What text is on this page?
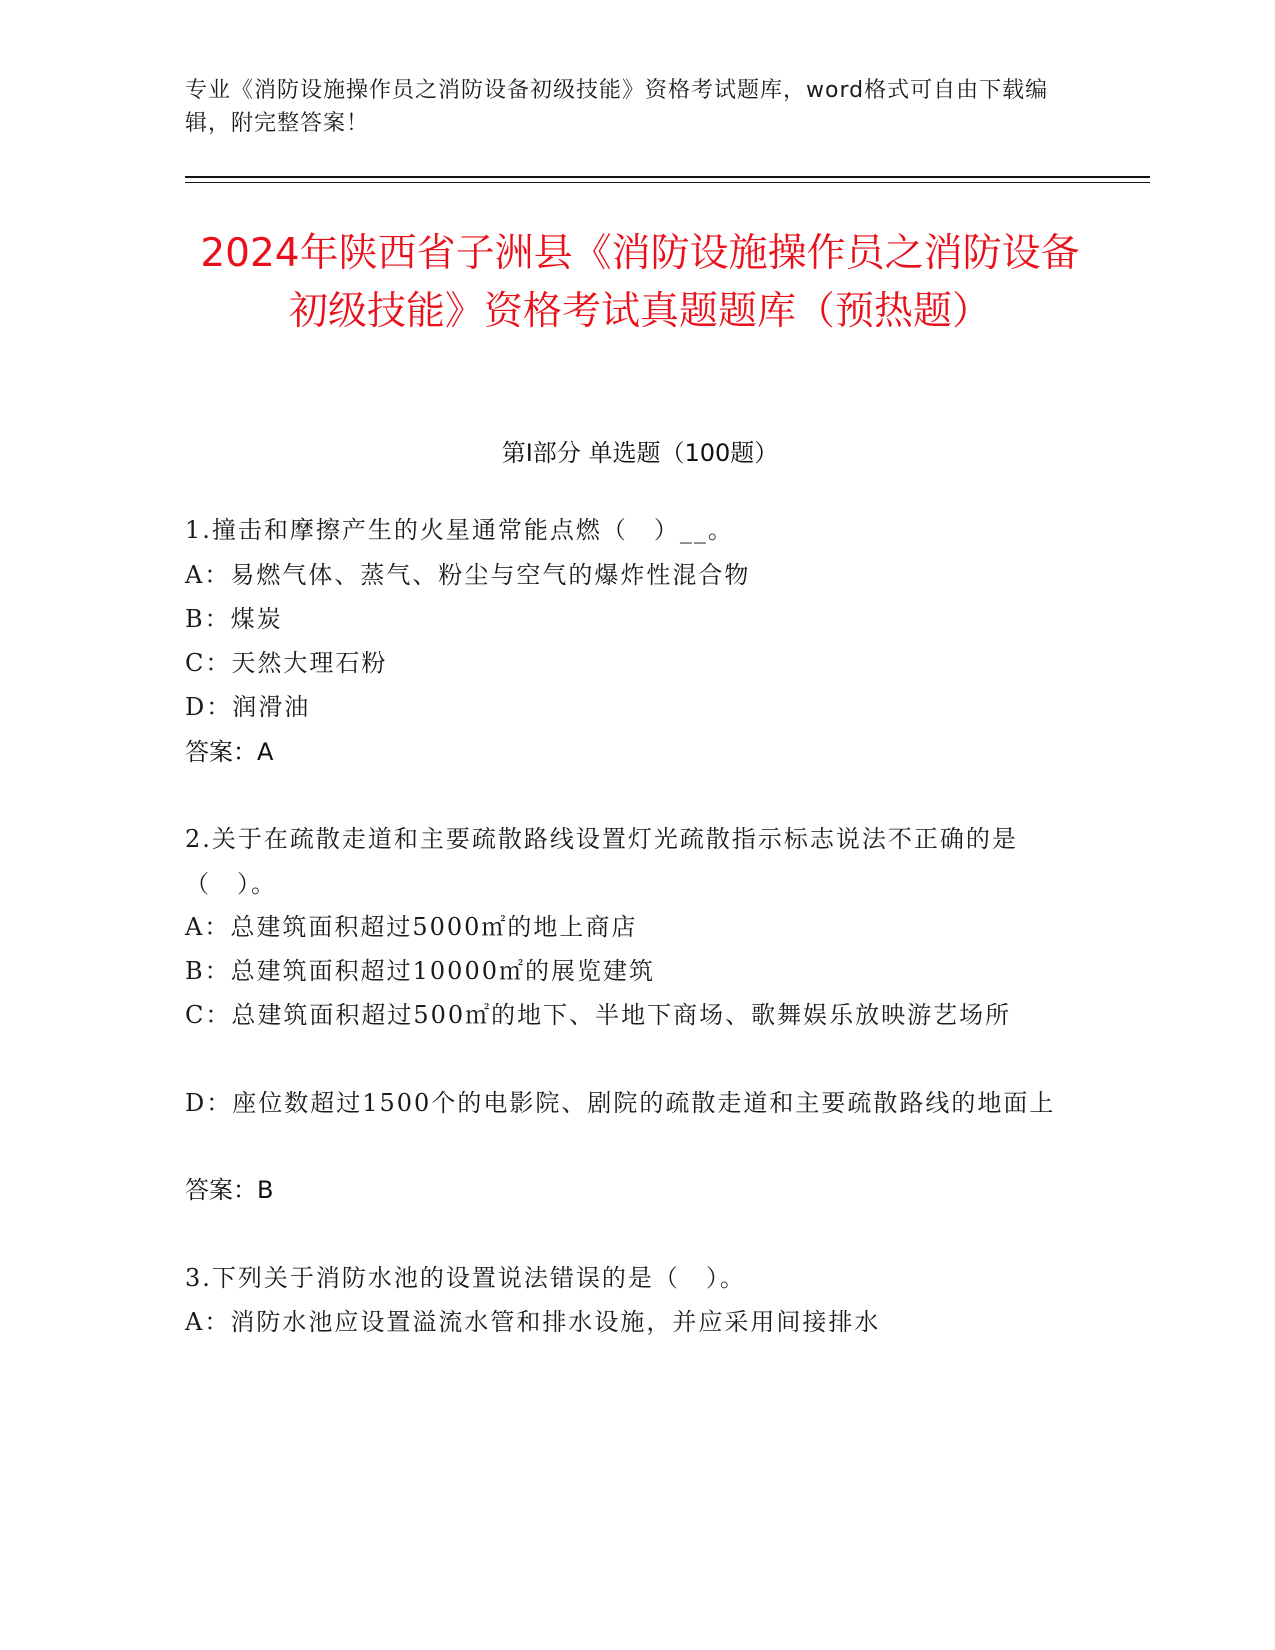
专业《消防设施操作员之消防设备初级技能》资格考试题库，word格式可自由下载编辑，附完整答案！
2024年陕西省子洲县《消防设施操作员之消防设备初级技能》资格考试真题题库（预热题）
第I部分 单选题（100题）
1.撞击和摩擦产生的火星通常能点燃（　）__。
A：易燃气体、蒸气、粉尘与空气的爆炸性混合物
B：煤炭
C：天然大理石粉
D：润滑油
答案：A
2.关于在疏散走道和主要疏散路线设置灯光疏散指示标志说法不正确的是（　）。
A：总建筑面积超过5000㎡的地上商店
B：总建筑面积超过10000㎡的展览建筑
C：总建筑面积超过500㎡的地下、半地下商场、歌舞娱乐放映游艺场所
D：座位数超过1500个的电影院、剧院的疏散走道和主要疏散路线的地面上
答案：B
3.下列关于消防水池的设置说法错误的是（　）。
A：消防水池应设置溢流水管和排水设施，并应采用间接排水
